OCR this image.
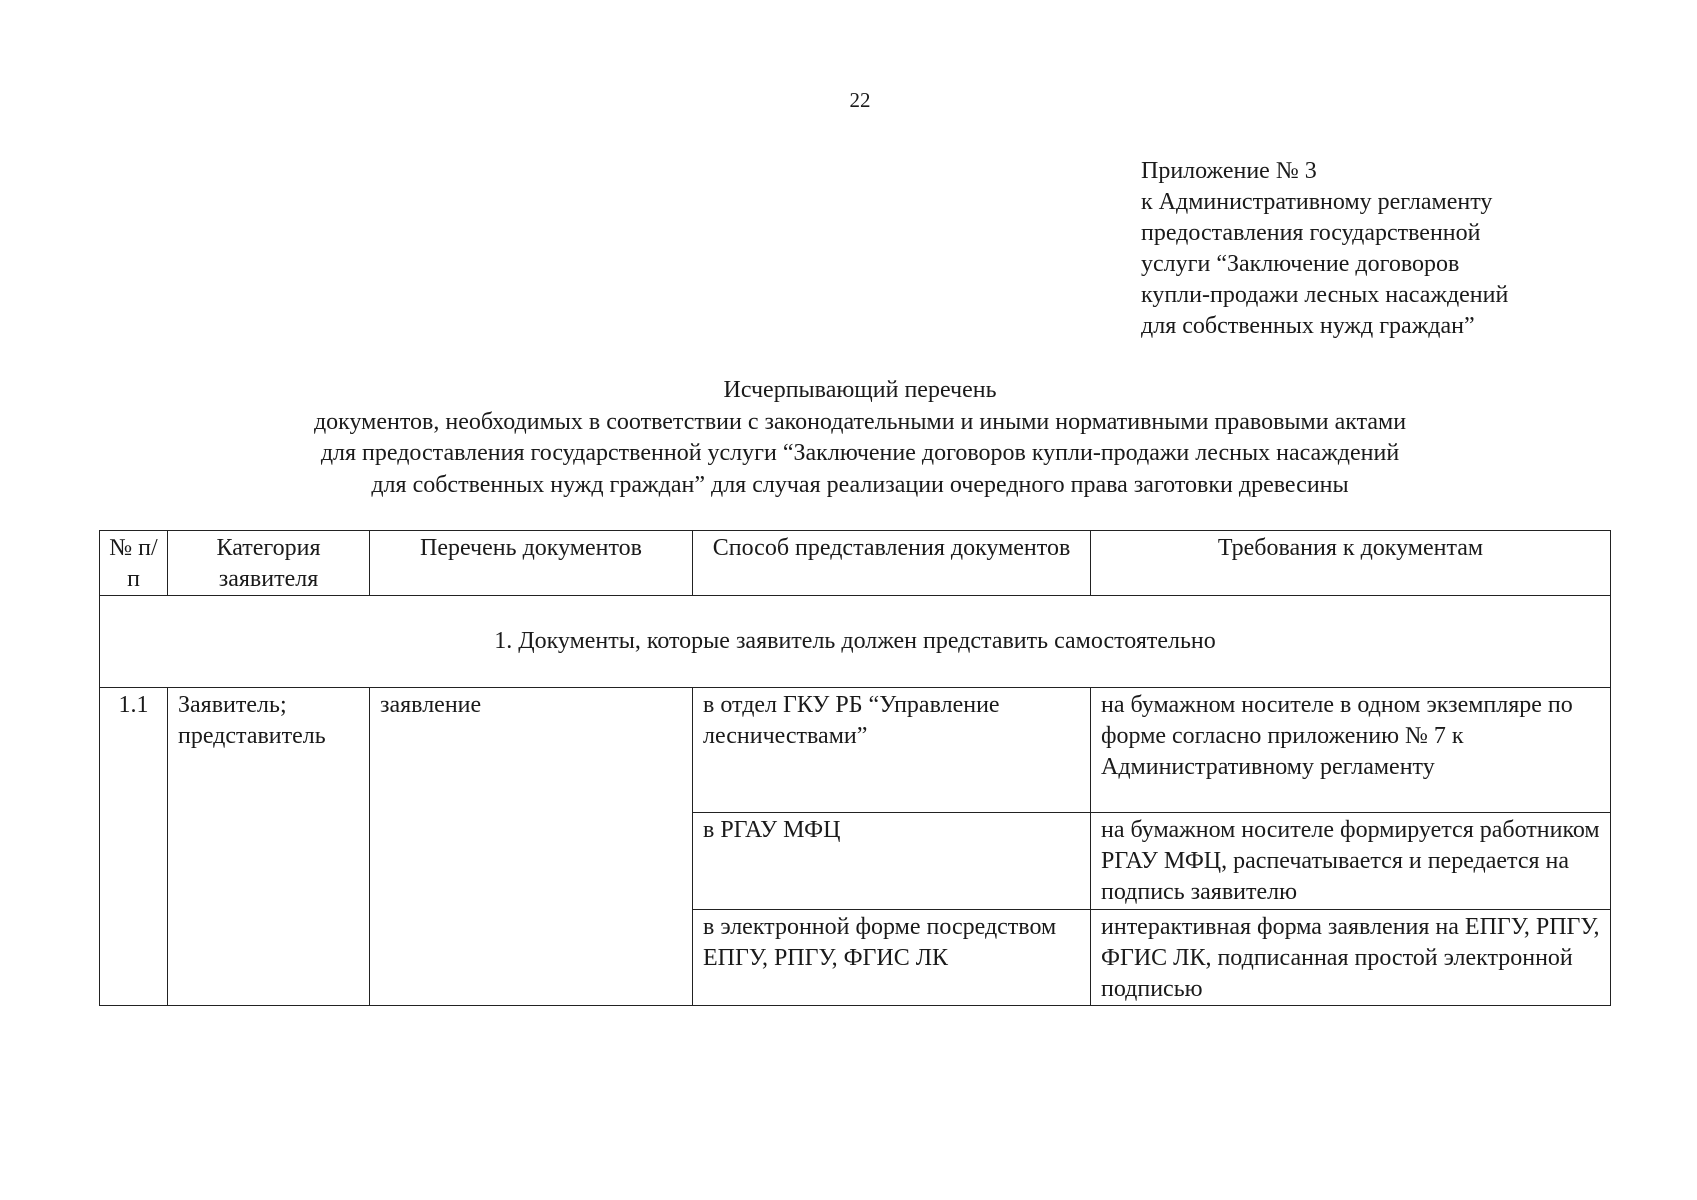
22
Приложение № 3
к Административному регламенту
предоставления государственной
услуги “Заключение договоров
купли-продажи лесных насаждений
для собственных нужд граждан”
Исчерпывающий перечень
документов, необходимых в соответствии с законодательными и иными нормативными правовыми актами
для предоставления государственной услуги “Заключение договоров купли-продажи лесных насаждений
для собственных нужд граждан” для случая реализации очередного права заготовки древесины
№ п/п	Категория заявителя	Перечень документов	Способ представления документов	Требования к документам
1. Документы, которые заявитель должен представить самостоятельно				
1.1	Заявитель; представитель	заявление	в отдел ГКУ РБ “Управление лесничествами”	на бумажном носителе в одном экземпляре по форме согласно приложению № 7 к Административному регламенту
			в РГАУ МФЦ	на бумажном носителе формируется работником РГАУ МФЦ, распечатывается и передается на подпись заявителю
			в электронной форме посредством ЕПГУ, РПГУ, ФГИС ЛК	интерактивная форма заявления на ЕПГУ, РПГУ, ФГИС ЛК, подписанная простой электронной подписью
